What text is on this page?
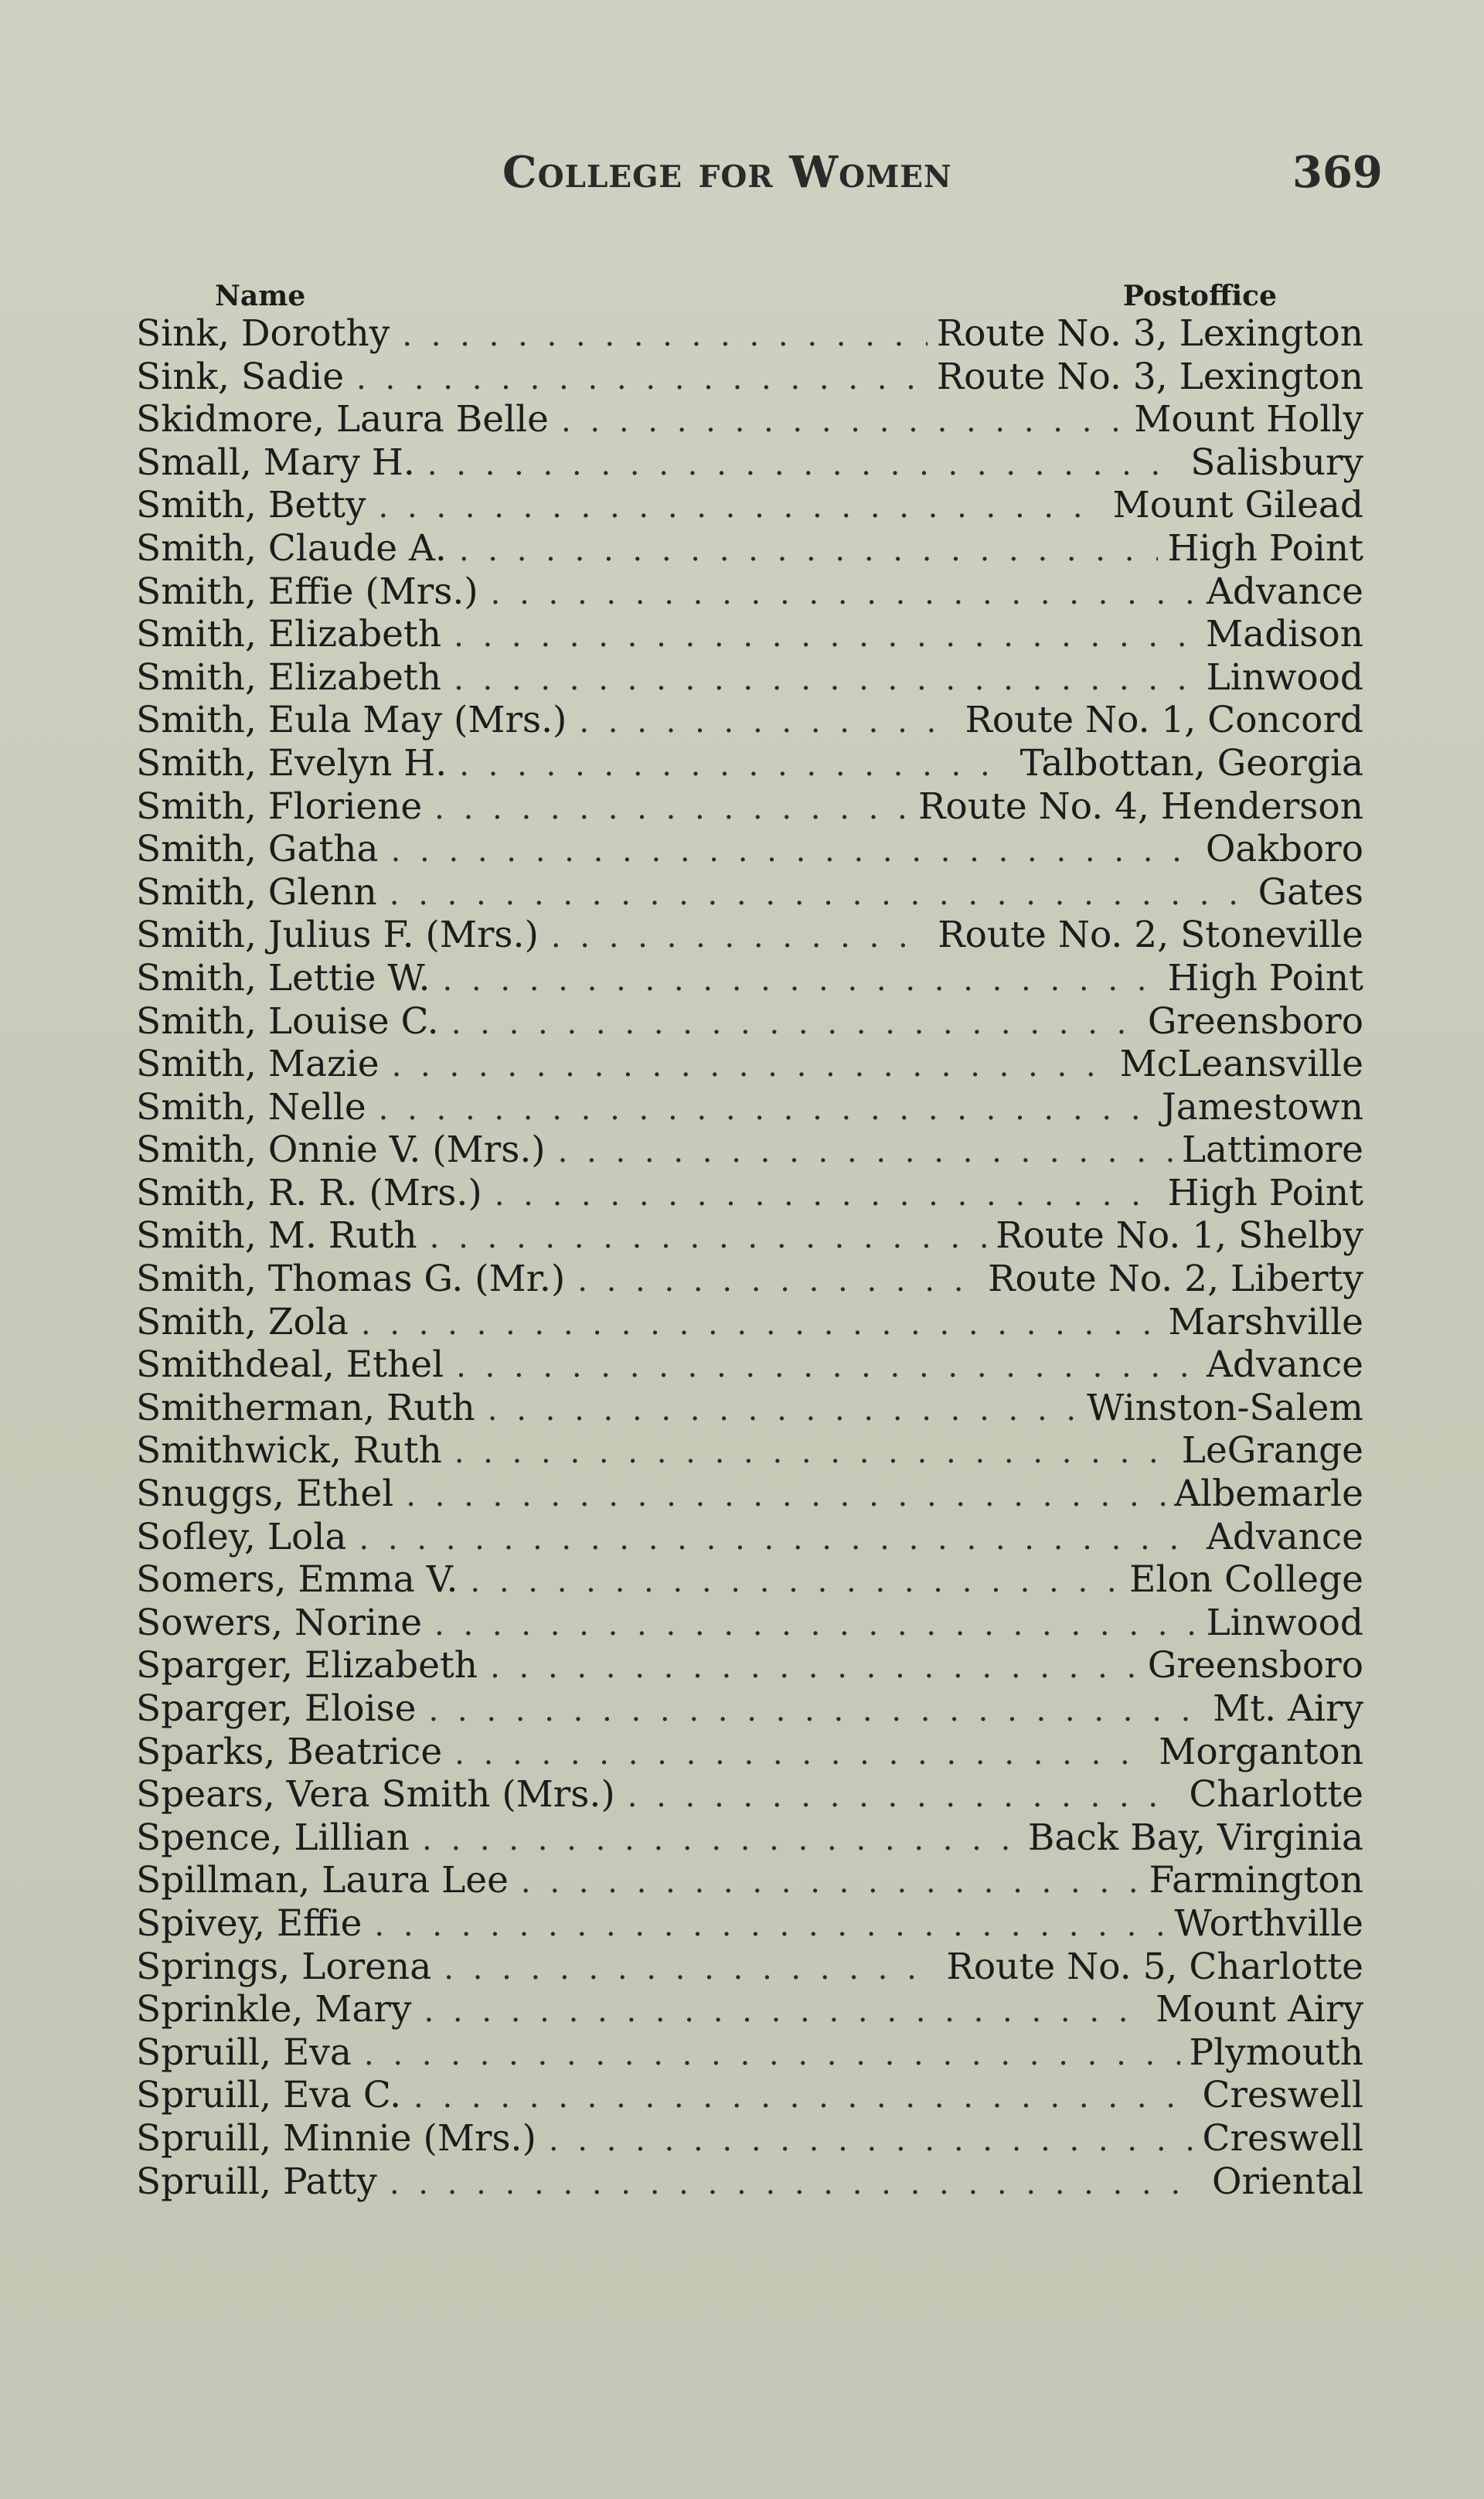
College for Women	369
Name	Postoffice
Sink, Dorothy . . .	Route No. 3, Lexington
Sink, Sadie . . .	Route No. 3, Lexington
Skidmore, Laura Belle . . .	Mount Holly
Small, Mary H. . . .	Salisbury
Smith, Betty . . .	Mount Gilead
Smith, Claude A. . . .	High Point
Smith, Effie (Mrs.) . . .	Advance
Smith, Elizabeth . . .	Madison
Smith, Elizabeth . . .	Linwood
Smith, Eula May (Mrs.) . . .	Route No. 1, Concord
Smith, Evelyn H. . . .	Talbottan, Georgia
Smith, Floriene . . .	Route No. 4, Henderson
Smith, Gatha . . .	Oakboro
Smith, Glenn . . .	Gates
Smith, Julius F. (Mrs.) . . .	Route No. 2, Stoneville
Smith, Lettie W. . . .	High Point
Smith, Louise C. . . .	Greensboro
Smith, Mazie . . .	McLeansville
Smith, Nelle . . .	Jamestown
Smith, Onnie V. (Mrs.) . . .	Lattimore
Smith, R. R. (Mrs.) . . .	High Point
Smith, M. Ruth . . .	Route No. 1, Shelby
Smith, Thomas G. (Mr.) . . .	Route No. 2, Liberty
Smith, Zola . . .	Marshville
Smithdeal, Ethel . . .	Advance
Smitherman, Ruth . . .	Winston-Salem
Smithwick, Ruth . . .	LeGrange
Snuggs, Ethel . . .	Albemarle
Sofley, Lola . . .	Advance
Somers, Emma V. . . .	Elon College
Sowers, Norine . . .	Linwood
Sparger, Elizabeth . . .	Greensboro
Sparger, Eloise . . .	Mt. Airy
Sparks, Beatrice . . .	Morganton
Spears, Vera Smith (Mrs.) . . .	Charlotte
Spence, Lillian . . .	Back Bay, Virginia
Spillman, Laura Lee . . .	Farmington
Spivey, Effie . . .	Worthville
Springs, Lorena . . .	Route No. 5, Charlotte
Sprinkle, Mary . . .	Mount Airy
Spruill, Eva . . .	Plymouth
Spruill, Eva C. . . .	Creswell
Spruill, Minnie (Mrs.) . . .	Creswell
Spruill, Patty . . .	Oriental
